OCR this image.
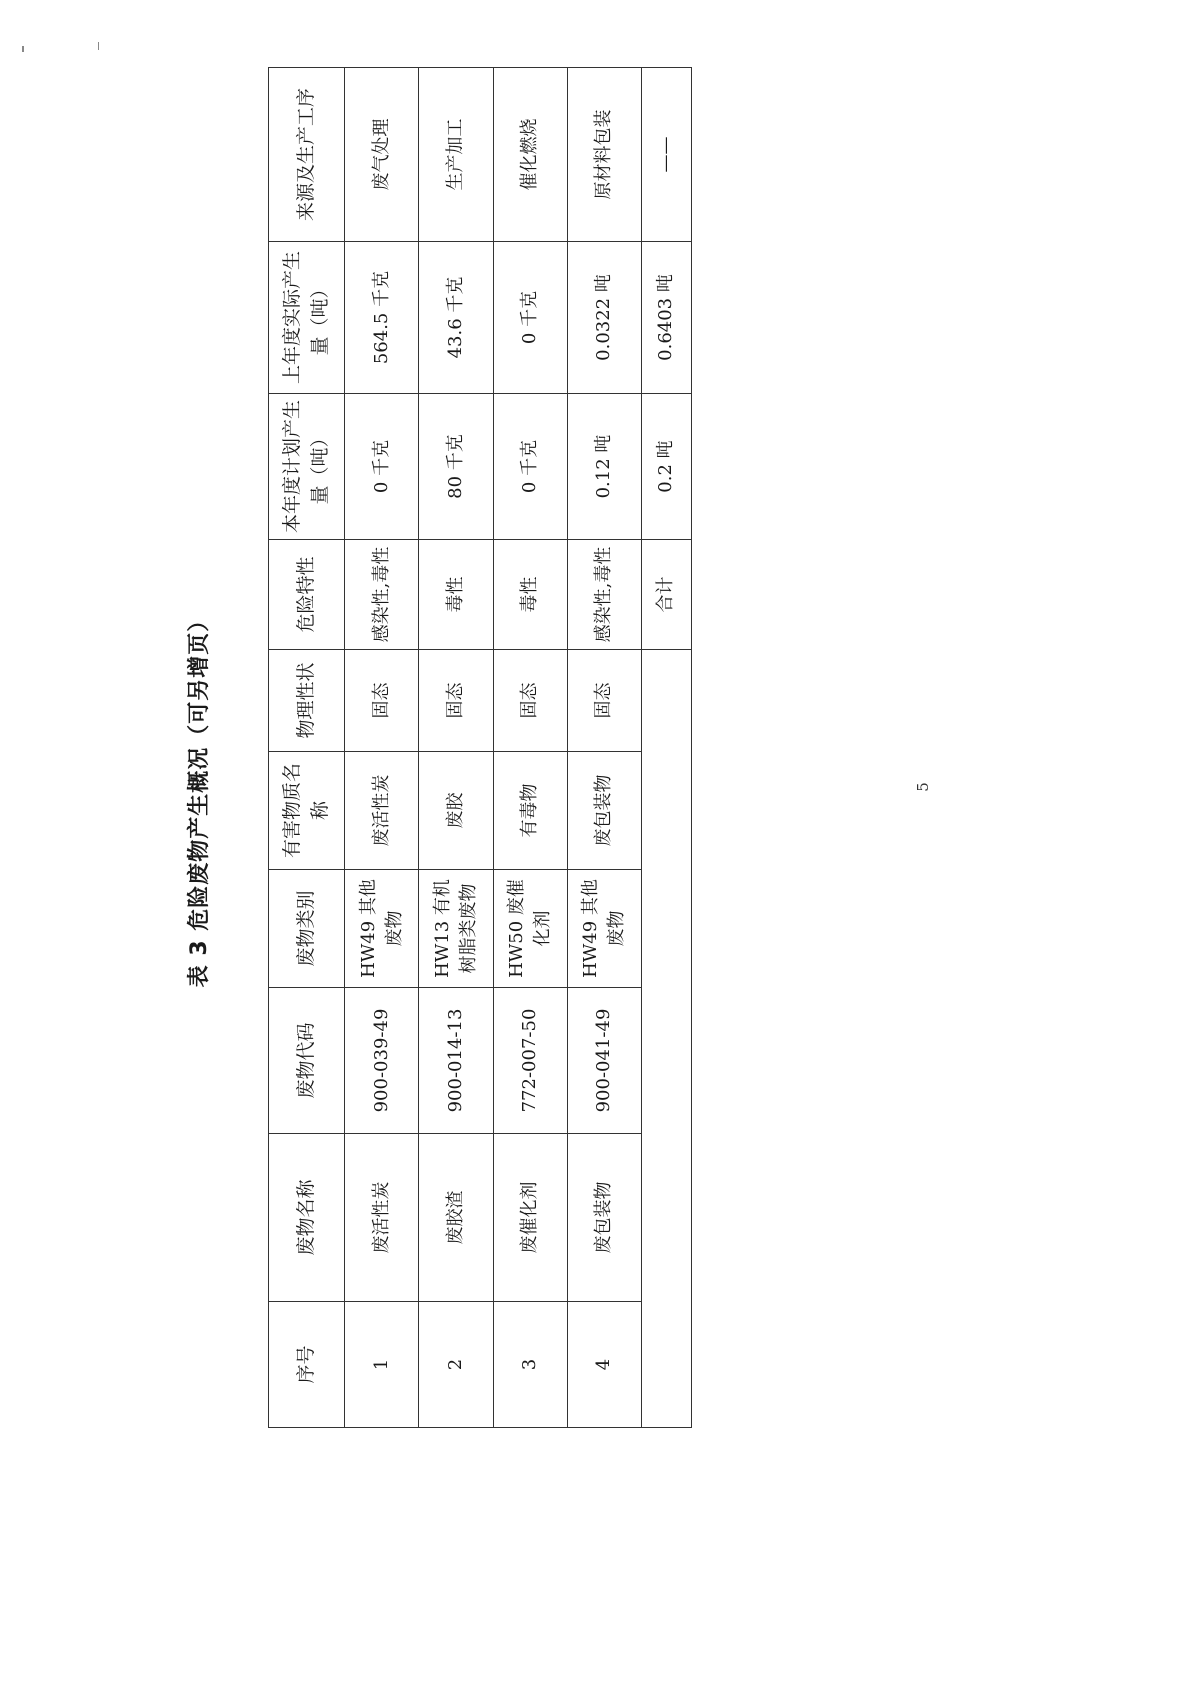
表 3 危险废物产生概况（可另增页）
序号	废物名称	废物代码	废物类别	有害物质名称	物理性状	危险特性	本年度计划产生量（吨）	上年度实际产生量（吨）	来源及生产工序
1	废活性炭	900-039-49	HW49 其他废物	废活性炭	固态	感染性,毒性	0 千克	564.5 千克	废气处理
2	废胶渣	900-014-13	HW13 有机树脂类废物	废胶	固态	毒性	80 千克	43.6 千克	生产加工
3	废催化剂	772-007-50	HW50 废催化剂	有毒物	固态	毒性	0 千克	0 千克	催化燃烧
4	废包装物	900-041-49	HW49 其他废物	废包装物	固态	感染性,毒性	0.12 吨	0.0322 吨	原材料包装
						合计	0.2 吨	0.6403 吨	——
5
